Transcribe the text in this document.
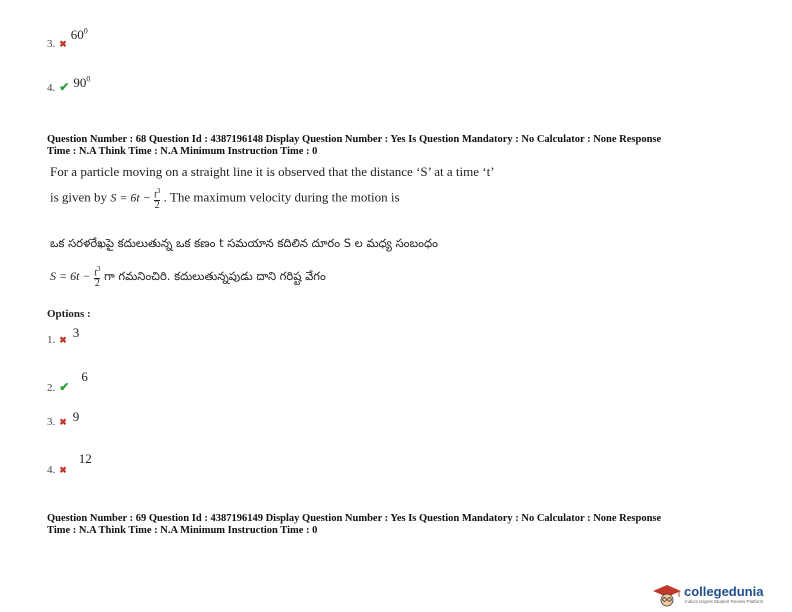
3. ✖ $^{60^0}$
4. ✔ $^{90^0}$
Question Number : 68 Question Id : 4387196148 Display Question Number : Yes Is Question Mandatory : No Calculator : None Response
Time : N.A Think Time : N.A Minimum Instruction Time : 0
For a particle moving on a straight line it is observed that the distance ‘S’ at a time ‘t’
is given by $S = 6t - \frac{t^3}{2}$ . The maximum velocity during the motion is
ఒక సరళరేఖపై కదులుతున్న ఒక కణం t సమయాన కదిలిన దూరం S ల మధ్య సంబంధం
$S = 6t - \frac{t^3}{2}$ గా గమనించిరి. కదులుతున్నపుడు దాని గరిష్ట వేగం
Options :
1. ✖ $^3$
$_{2.}$ $_✔$ 6
3. ✖ $^9$
$_{4.}$ $_✖$ 12
Question Number : 69 Question Id : 4387196149 Display Question Number : Yes Is Question Mandatory : No Calculator : None Response
Time : N.A Think Time : N.A Minimum Instruction Time : 0
collegedunia
India's largest Student Review Platform
